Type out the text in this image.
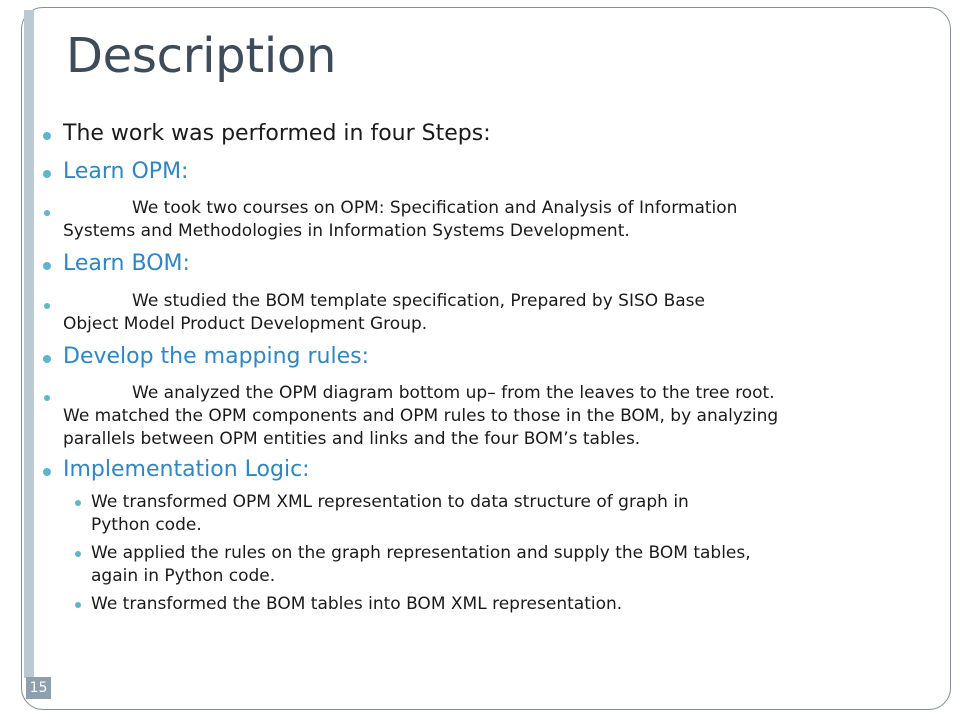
Description

The work was performed in four Steps:

Learn OPM:

We took two courses on OPM: Specification and Analysis of Information

Systems and Methodologies in Information Systems Development.

Learn BOM:

We studied the BOM template specification, Prepared by SISO Base

Object Model Product Development Group.

Develop the mapping rules:

We analyzed the OPM diagram bottom up– from the leaves to the tree root.

We matched the OPM components and OPM rules to those in the BOM, by analyzing

parallels between OPM entities and links and the four BOM’s tables.

Implementation Logic:

We transformed OPM XML representation to data structure of graph in

Python code.

We applied the rules on the graph representation and supply the BOM tables,

again in Python code.

We transformed the BOM tables into BOM XML representation.

15
